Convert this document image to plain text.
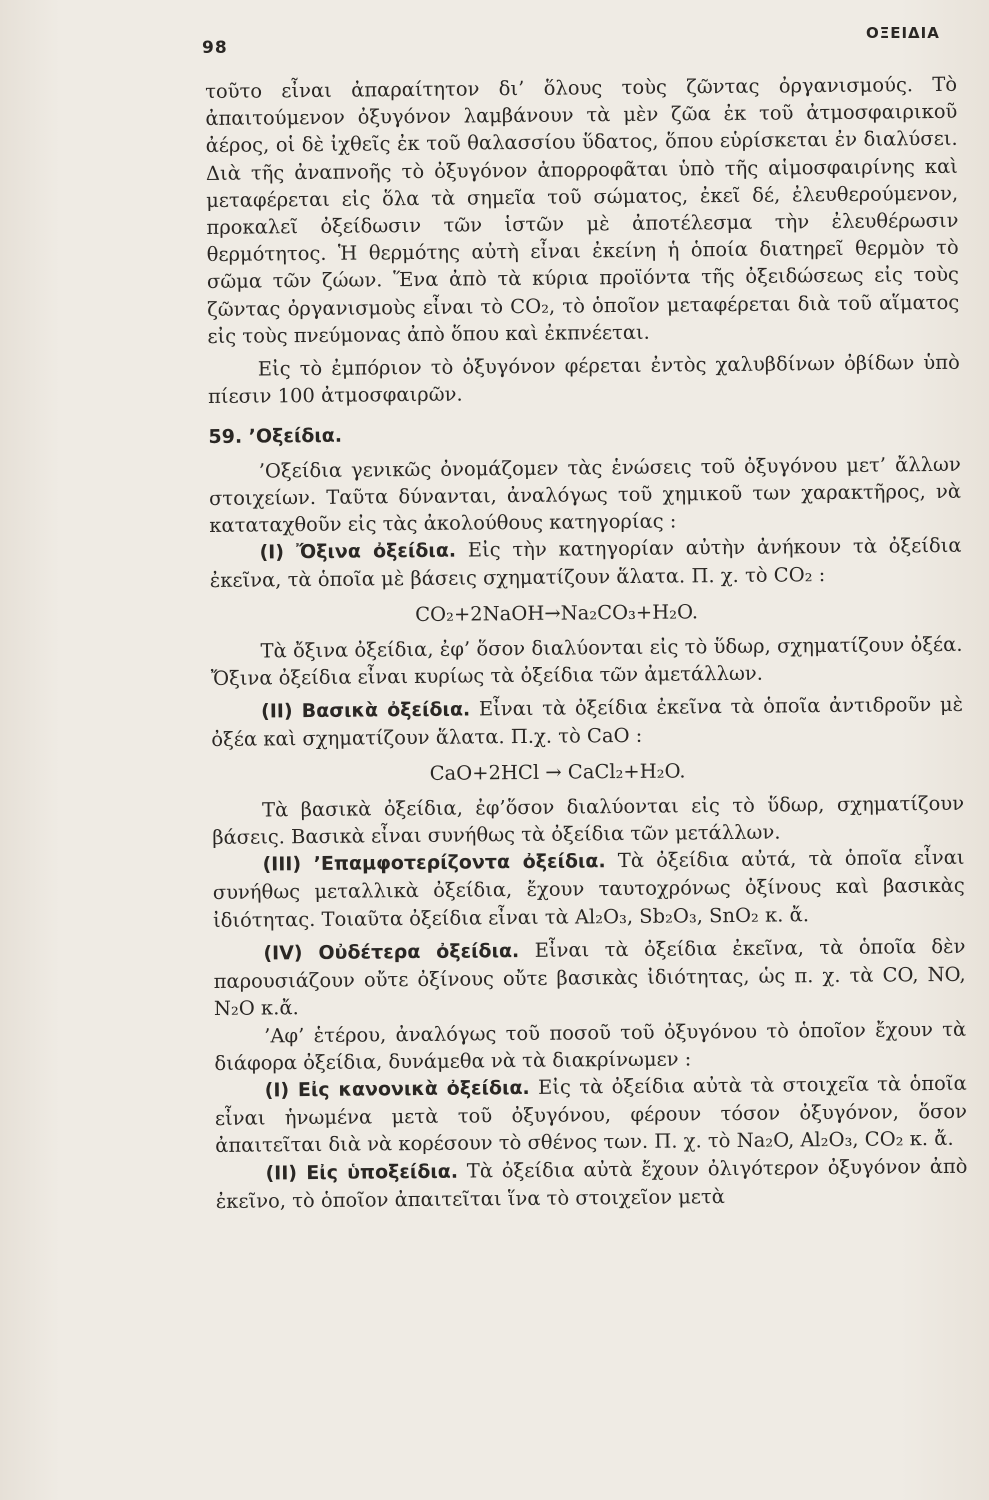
98
ΟΞΕΙΔΙΑ

τοῦτο εἶναι ἀπαραίτητον δι’ ὅλους τοὺς ζῶντας ὀργανισμούς. Τὸ ἀπαιτούμενον ὀξυγόνον λαμβάνουν τὰ μὲν ζῶα ἐκ τοῦ ἀτμοσφαιρικοῦ ἀέρος, οἱ δὲ ἰχθεῖς ἐκ τοῦ θαλασσίου ὕδατος, ὅπου εὑρίσκεται ἐν διαλύσει. Διὰ τῆς ἀναπνοῆς τὸ ὀξυγόνον ἀπορροφᾶται ὑπὸ τῆς αἱμοσφαιρίνης καὶ μεταφέρεται εἰς ὅλα τὰ σημεῖα τοῦ σώματος, ἐκεῖ δέ, ἐλευθερούμενον, προκαλεῖ ὀξείδωσιν τῶν ἱστῶν μὲ ἀποτέλεσμα τὴν ἐλευθέρωσιν θερμότητος. Ἡ θερμότης αὐτὴ εἶναι ἐκείνη ἡ ὁποία διατηρεῖ θερμὸν τὸ σῶμα τῶν ζώων. Ἕνα ἀπὸ τὰ κύρια προϊόντα τῆς ὀξειδώσεως εἰς τοὺς ζῶντας ὀργανισμοὺς εἶναι τὸ CO₂, τὸ ὁποῖον μεταφέρεται διὰ τοῦ αἵματος εἰς τοὺς πνεύμονας ἀπὸ ὅπου καὶ ἐκπνέεται.

Εἰς τὸ ἐμπόριον τὸ ὀξυγόνον φέρεται ἐντὸς χαλυβδίνων ὀβίδων ὑπὸ πίεσιν 100 ἀτμοσφαιρῶν.

59. ’Οξείδια.

’Οξείδια γενικῶς ὀνομάζομεν τὰς ἑνώσεις τοῦ ὀξυγόνου μετ’ ἄλλων στοιχείων. Ταῦτα δύνανται, ἀναλόγως τοῦ χημικοῦ των χαρακτῆρος, νὰ καταταχθοῦν εἰς τὰς ἀκολούθους κατηγορίας :

(I) Ὄξινα ὀξείδια. Εἰς τὴν κατηγορίαν αὐτὴν ἀνήκουν τὰ ὀξείδια ἐκεῖνα, τὰ ὁποῖα μὲ βάσεις σχηματίζουν ἅλατα. Π. χ. τὸ CO₂ :

CO₂+2NaOH→Na₂CO₃+H₂O.

Τὰ ὄξινα ὀξείδια, ἐφ’ ὅσον διαλύονται εἰς τὸ ὕδωρ, σχηματίζουν ὀξέα. Ὄξινα ὀξείδια εἶναι κυρίως τὰ ὀξείδια τῶν ἀμετάλλων.

(II) Βασικὰ ὀξείδια. Εἶναι τὰ ὀξείδια ἐκεῖνα τὰ ὁποῖα ἀντιδροῦν μὲ ὀξέα καὶ σχηματίζουν ἅλατα. Π.χ. τὸ CaO :

CaO+2HCl → CaCl₂+H₂O.

Τὰ βασικὰ ὀξείδια, ἐφ’ὅσον διαλύονται εἰς τὸ ὕδωρ, σχηματίζουν βάσεις. Βασικὰ εἶναι συνήθως τὰ ὀξείδια τῶν μετάλλων.

(III) ’Επαμφοτερίζοντα ὀξείδια. Τὰ ὀξείδια αὐτά, τὰ ὁποῖα εἶναι συνήθως μεταλλικὰ ὀξείδια, ἔχουν ταυτοχρόνως ὀξίνους καὶ βασικὰς ἰδιότητας. Τοιαῦτα ὀξείδια εἶναι τὰ Al₂O₃, Sb₂O₃, SnO₂ κ. ἄ.

(IV) Οὐδέτερα ὀξείδια. Εἶναι τὰ ὀξείδια ἐκεῖνα, τὰ ὁποῖα δὲν παρουσιάζουν οὔτε ὀξίνους οὔτε βασικὰς ἰδιότητας, ὡς π. χ. τὰ CO, NO, N₂O κ.ἄ.

’Αφ’ ἑτέρου, ἀναλόγως τοῦ ποσοῦ τοῦ ὀξυγόνου τὸ ὁποῖον ἔχουν τὰ διάφορα ὀξείδια, δυνάμεθα νὰ τὰ διακρίνωμεν :

(I) Εἰς κανονικὰ ὀξείδια. Εἰς τὰ ὀξείδια αὐτὰ τὰ στοιχεῖα τὰ ὁποῖα εἶναι ἡνωμένα μετὰ τοῦ ὀξυγόνου, φέρουν τόσον ὀξυγόνον, ὅσον ἀπαιτεῖται διὰ νὰ κορέσουν τὸ σθένος των. Π. χ. τὸ Na₂O, Al₂O₃, CO₂ κ. ἄ.

(II) Εἰς ὑποξείδια. Τὰ ὀξείδια αὐτὰ ἔχουν ὀλιγότερον ὀξυγόνον ἀπὸ ἐκεῖνο, τὸ ὁποῖον ἀπαιτεῖται ἵνα τὸ στοιχεῖον μετὰ
